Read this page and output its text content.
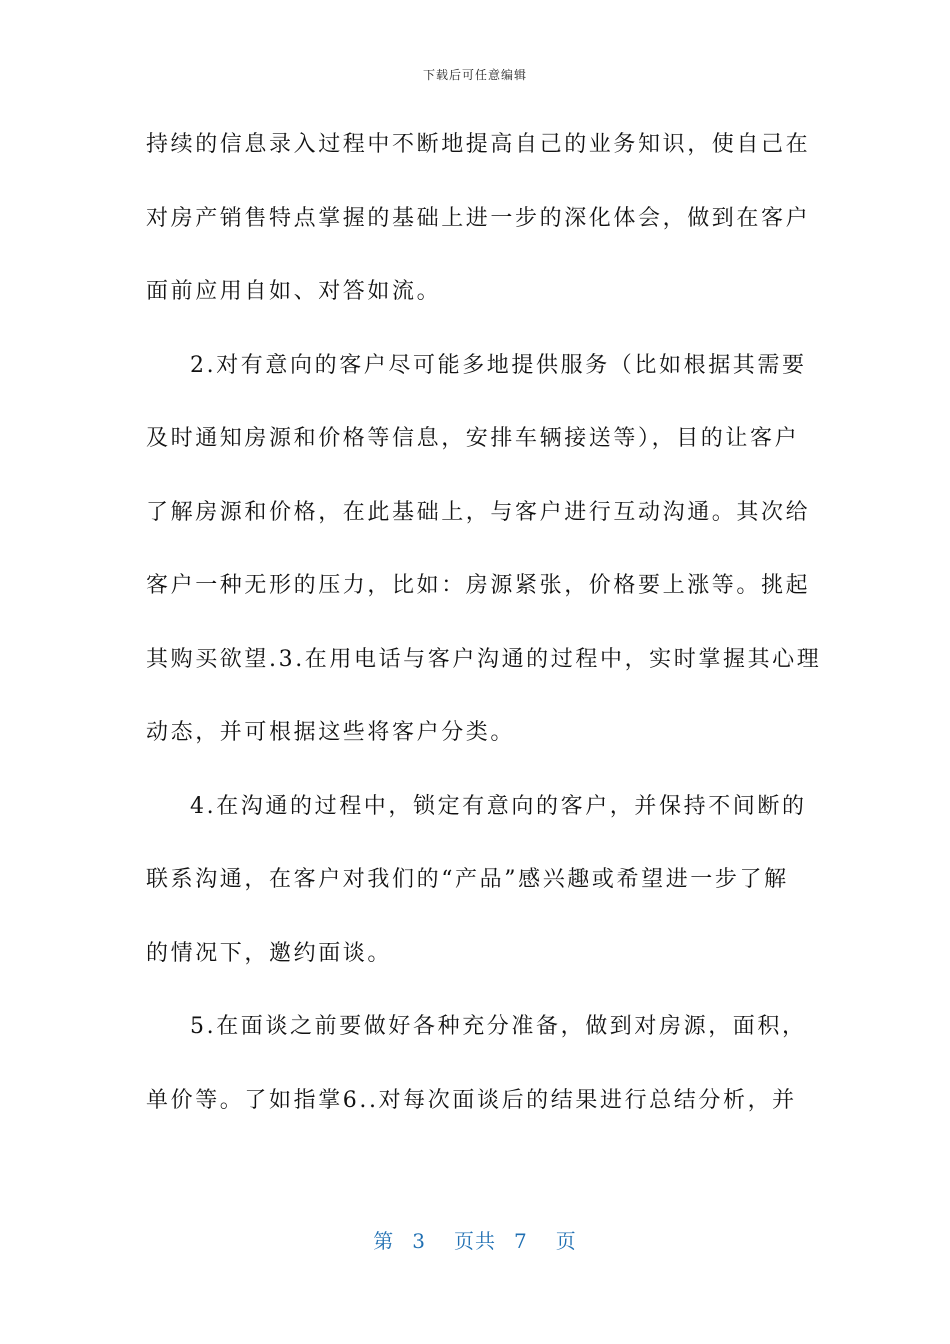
下载后可任意编辑
持续的信息录入过程中不断地提高自己的业务知识，使自己在
对房产销售特点掌握的基础上进一步的深化体会，做到在客户
面前应用自如、对答如流。
2.对有意向的客户尽可能多地提供服务（比如根据其需要
及时通知房源和价格等信息，安排车辆接送等），目的让客户
了解房源和价格，在此基础上，与客户进行互动沟通。其次给
客户一种无形的压力，比如：房源紧张，价格要上涨等。挑起
其购买欲望.3.在用电话与客户沟通的过程中，实时掌握其心理
动态，并可根据这些将客户分类。
4.在沟通的过程中，锁定有意向的客户，并保持不间断的
联系沟通，在客户对我们的“产品”感兴趣或希望进一步了解
的情况下，邀约面谈。
5.在面谈之前要做好各种充分准备，做到对房源，面积，
单价等。了如指掌6..对每次面谈后的结果进行总结分析，并
第 3 页共 7 页
